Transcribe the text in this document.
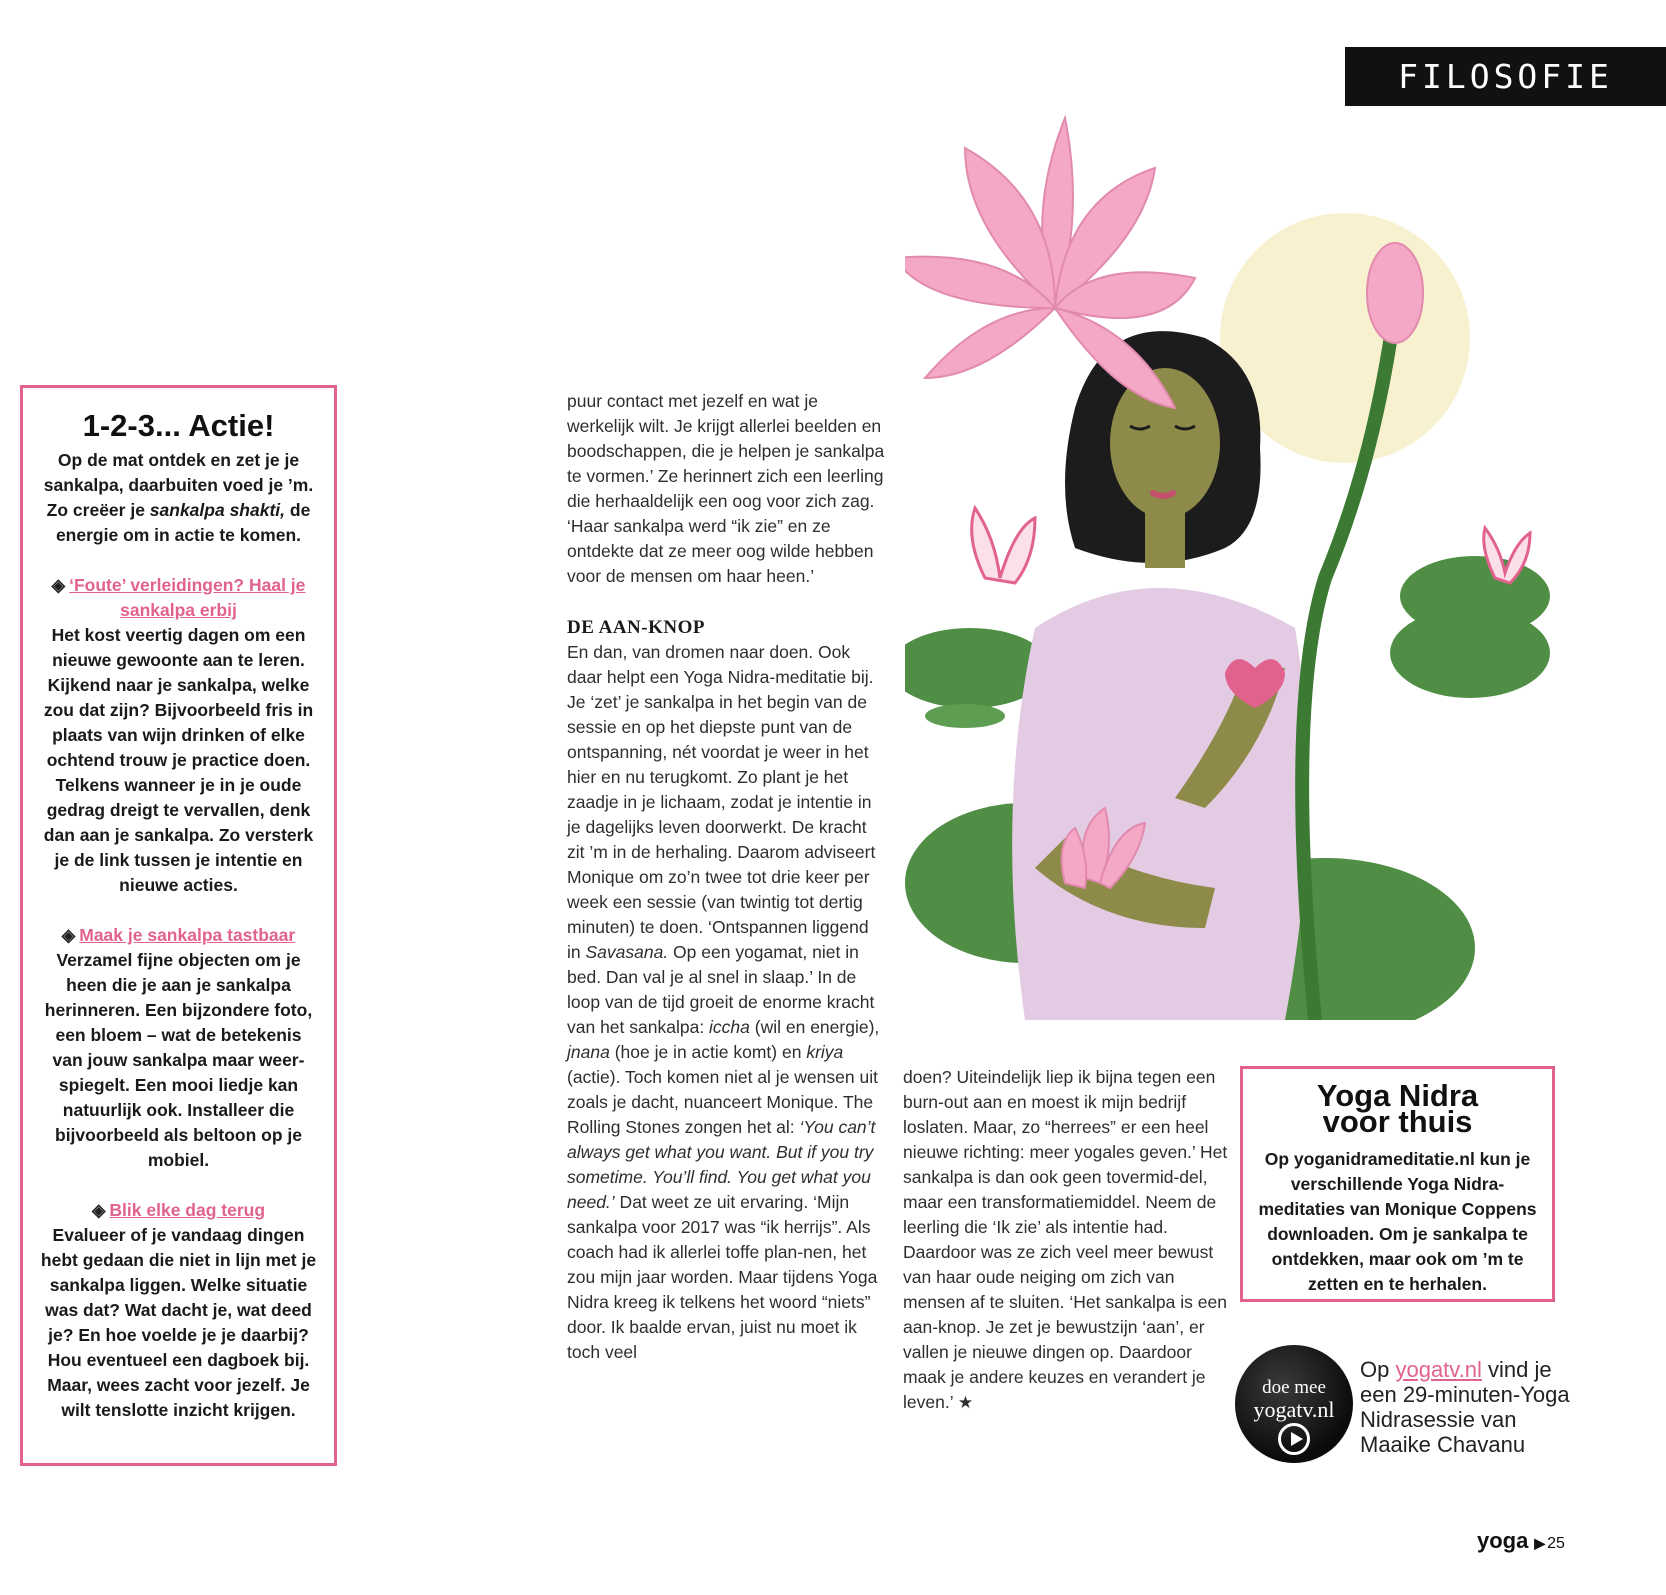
FILOSOFIE
1-2-3... Actie!
Op de mat ontdek en zet je je sankalpa, daarbuiten voed je ’m. Zo creëer je sankalpa shakti, de energie om in actie te komen.
◈ ‘Foute’ verleidingen? Haal je sankalpa erbij
Het kost veertig dagen om een nieuwe gewoonte aan te leren. Kijkend naar je sankalpa, welke zou dat zijn? Bijvoorbeeld fris in plaats van wijn drinken of elke ochtend trouw je practice doen. Telkens wanneer je in je oude gedrag dreigt te vervallen, denk dan aan je sankalpa. Zo versterk je de link tussen je intentie en nieuwe acties.
◈ Maak je sankalpa tastbaar
Verzamel fijne objecten om je heen die je aan je sankalpa herinneren. Een bijzondere foto, een bloem – wat de betekenis van jouw sankalpa maar weer-spiegelt. Een mooi liedje kan natuurlijk ook. Installeer die bijvoorbeeld als beltoon op je mobiel.
◈ Blik elke dag terug
Evalueer of je vandaag dingen hebt gedaan die niet in lijn met je sankalpa liggen. Welke situatie was dat? Wat dacht je, wat deed je? En hoe voelde je je daarbij? Hou eventueel een dagboek bij. Maar, wees zacht voor jezelf. Je wilt tenslotte inzicht krijgen.

puur contact met jezelf en wat je werkelijk wilt. Je krijgt allerlei beelden en boodschappen, die je helpen je sankalpa te vormen.’ Ze herinnert zich een leerling die herhaaldelijk een oog voor zich zag. ‘Haar sankalpa werd “ik zie” en ze ontdekte dat ze meer oog wilde hebben voor de mensen om haar heen.’

DE AAN-KNOP

En dan, van dromen naar doen. Ook daar helpt een Yoga Nidra-meditatie bij. Je ‘zet’ je sankalpa in het begin van de sessie en op het diepste punt van de ontspanning, nét voordat je weer in het hier en nu terugkomt. Zo plant je het zaadje in je lichaam, zodat je intentie in je dagelijks leven doorwerkt. De kracht zit ’m in de herhaling. Daarom adviseert Monique om zo’n twee tot drie keer per week een sessie (van twintig tot dertig minuten) te doen. ‘Ontspannen liggend in Savasana. Op een yogamat, niet in bed. Dan val je al snel in slaap.’ In de loop van de tijd groeit de enorme kracht van het sankalpa: iccha (wil en energie), jnana (hoe je in actie komt) en kriya (actie). Toch komen niet al je wensen uit zoals je dacht, nuanceert Monique. The Rolling Stones zongen het al: ‘You can’t always get what you want. But if you try sometime. You’ll find. You get what you need.’ Dat weet ze uit ervaring. ‘Mijn sankalpa voor 2017 was “ik herrijs”. Als coach had ik allerlei toffe plan-nen, het zou mijn jaar worden. Maar tijdens Yoga Nidra kreeg ik telkens het woord “niets” door. Ik baalde ervan, juist nu moet ik toch veel

doen? Uiteindelijk liep ik bijna tegen een burn-out aan en moest ik mijn bedrijf loslaten. Maar, zo “herrees” er een heel nieuwe richting: meer yogales geven.’ Het sankalpa is dan ook geen tovermid-del, maar een transformatiemiddel. Neem de leerling die ‘Ik zie’ als intentie had. Daardoor was ze zich veel meer bewust van haar oude neiging om zich van mensen af te sluiten. ‘Het sankalpa is een aan-knop. Je zet je bewustzijn ‘aan’, er vallen je nieuwe dingen op. Daardoor maak je andere keuzes en verandert je leven.’ ★

Yoga Nidra
voor thuis

Op yoganidrameditatie.nl kun je verschillende Yoga Nidra-meditaties van Monique Coppens downloaden. Om je sankalpa te ontdekken, maar ook om ’m te zetten en te herhalen.

doe mee
yogatv.nl
Op yogatv.nl vind je een 29-minuten-Yoga Nidrasessie van Maaike Chavanu
yoga ▶ 25
